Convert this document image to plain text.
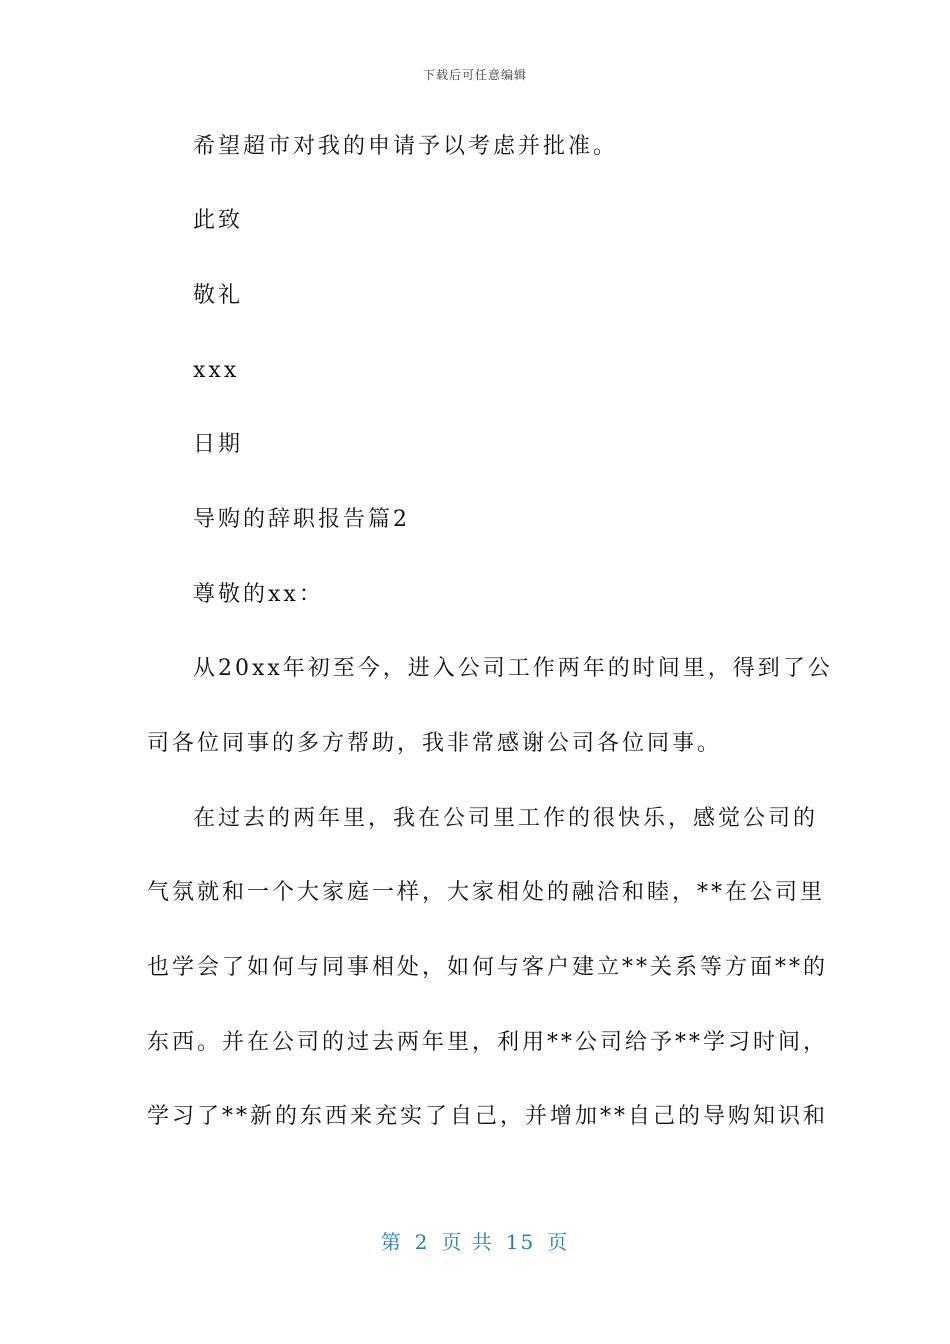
下载后可任意编辑
希望超市对我的申请予以考虑并批准。
此致
敬礼
xxx
日期
导购的辞职报告篇2
尊敬的xx：
从20xx年初至今，进入公司工作两年的时间里，得到了公
司各位同事的多方帮助，我非常感谢公司各位同事。
在过去的两年里，我在公司里工作的很快乐，感觉公司的
气氛就和一个大家庭一样，大家相处的融洽和睦，**在公司里
也学会了如何与同事相处，如何与客户建立**关系等方面**的
东西。并在公司的过去两年里，利用**公司给予**学习时间，
学习了**新的东西来充实了自己，并增加**自己的导购知识和
第 2 页 共 15 页
